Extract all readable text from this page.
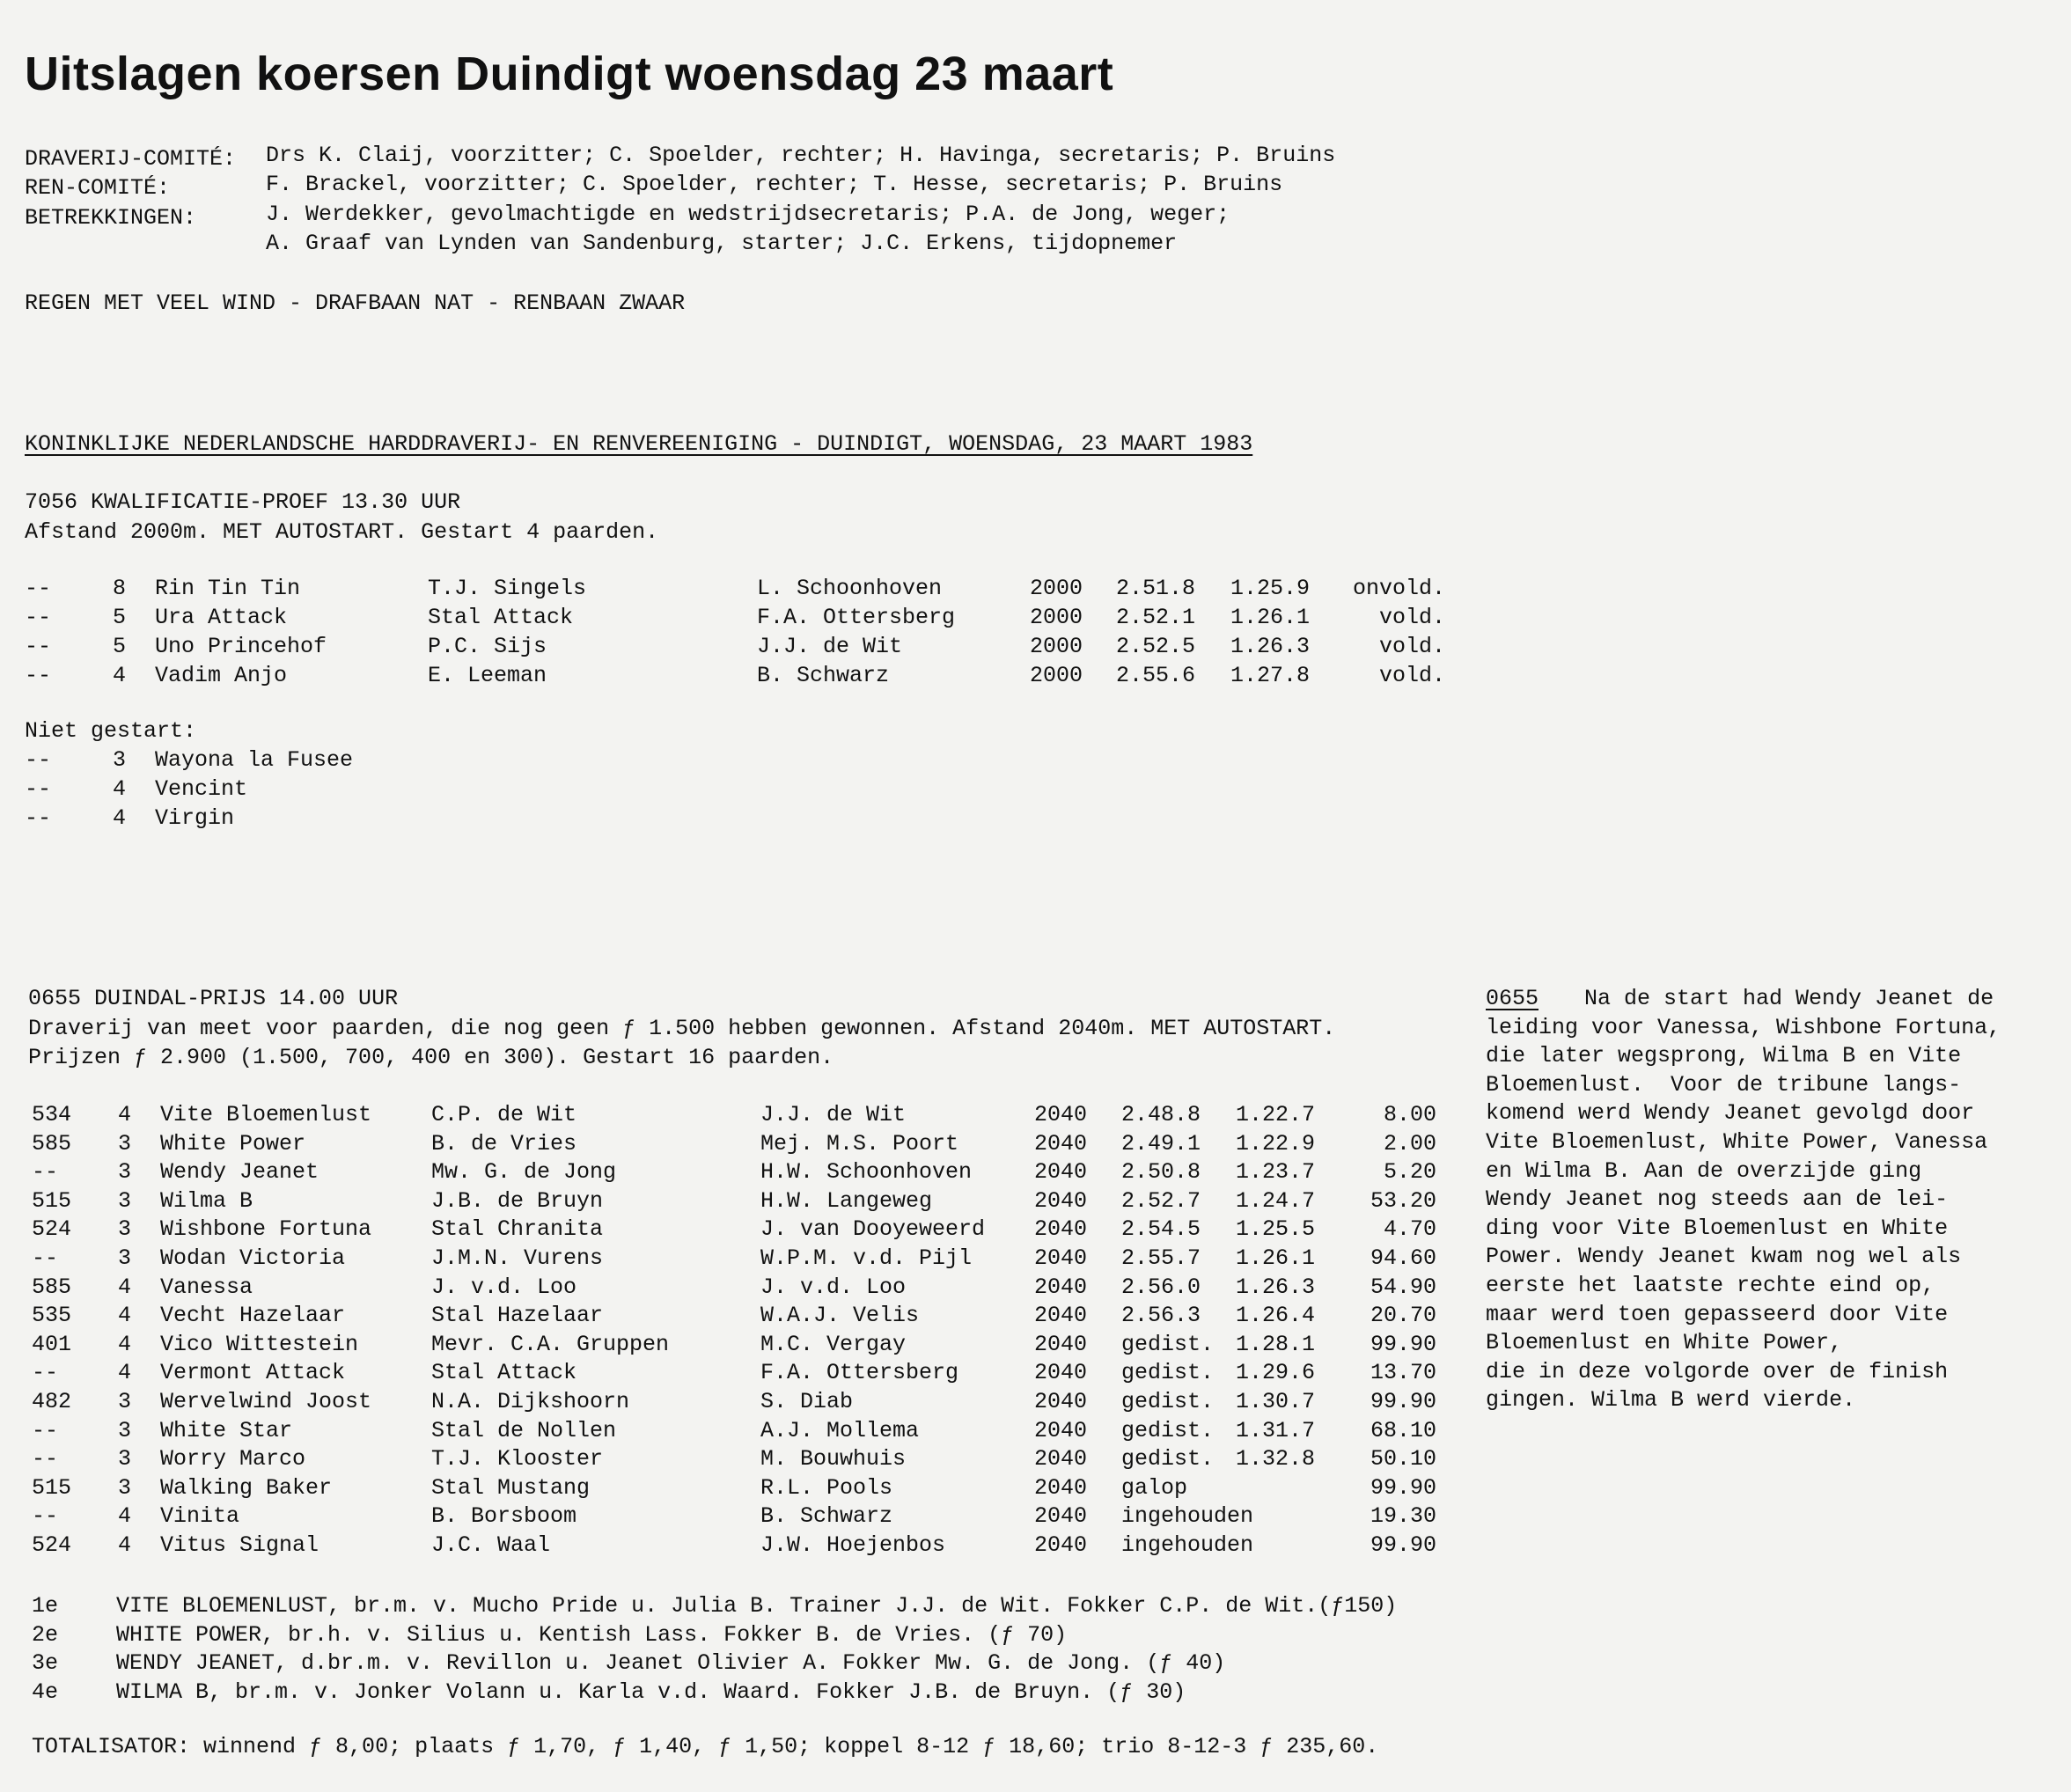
Uitslagen koersen Duindigt woensdag 23 maart
DRAVERIJ-COMITÉ: Drs K. Claij, voorzitter; C. Spoelder, rechter; H. Havinga, secretaris; P. Bruins
REN-COMITÉ:	F. Brackel, voorzitter; C. Spoelder, rechter; T. Hesse, secretaris; P. Bruins
BETREKKINGEN:	J. Werdekker, gevolmachtigde en wedstrijdsecretaris; P.A. de Jong, weger;
A. Graaf van Lynden van Sandenburg, starter; J.C. Erkens, tijdopnemer
REGEN MET VEEL WIND - DRAFBAAN NAT - RENBAAN ZWAAR
KONINKLIJKE NEDERLANDSCHE HARDDRAVERIJ- EN RENVEREENIGING - DUINDIGT, WOENSDAG, 23 MAART 1983
7056 KWALIFICATIE-PROEF 13.30 UUR
Afstand 2000m. MET AUTOSTART. Gestart 4 paarden.
--	8 Rin Tin Tin	T.J. Singels	L. Schoonhoven	2000 2.51.8 1.25.9 onvold.
--	5 Ura Attack	Stal Attack	F.A. Ottersberg	2000 2.52.1 1.26.1	vold.
--	5 Uno Princehof	P.C. Sijs	J.J. de Wit	2000 2.52.5 1.26.3	vold.
--	4 Vadim Anjo	E. Leeman	B. Schwarz	2000 2.55.6 1.27.8	vold.
Niet gestart:
--	3 Wayona la Fusee
--	4 Vencint
--	4 Virgin
0655 DUINDAL-PRIJS 14.00 UUR
Draverij van meet voor paarden, die nog geen ƒ 1.500 hebben gewonnen. Afstand 2040m. MET AUTOSTART.
Prijzen ƒ 2.900 (1.500, 700, 400 en 300). Gestart 16 paarden.
534 4 Vite Bloemenlust	C.P. de Wit	J.J. de Wit	2040 2.48.8 1.22.7	8.00
585 3 White Power	B. de Vries	Mej. M.S. Poort	2040 2.49.1 1.22.9	2.00
--	3 Wendy Jeanet	Mw. G. de Jong	H.W. Schoonhoven	2040 2.50.8 1.23.7	5.20
515 3 Wilma B	J.B. de Bruyn	H.W. Langeweg	2040 2.52.7 1.24.7	53.20
524 3 Wishbone Fortuna	Stal Chranita	J. van Dooyeweerd 2040 2.54.5 1.25.5	4.70
--	3 Wodan Victoria	J.M.N. Vurens	W.P.M. v.d. Pijl	2040 2.55.7 1.26.1	94.60
585 4 Vanessa	J. v.d. Loo	J. v.d. Loo	2040 2.56.0 1.26.3	54.90
535 4 Vecht Hazelaar	Stal Hazelaar	W.A.J. Velis	2040 2.56.3 1.26.4	20.70
401 4 Vico Wittestein	Mevr. C.A. Gruppen	M.C. Vergay	2040 gedist. 1.28.1	99.90
--	4 Vermont Attack	Stal Attack	F.A. Ottersberg	2040 gedist. 1.29.6	13.70
482 3 Wervelwind Joost	N.A. Dijkshoorn	S. Diab	2040 gedist. 1.30.7	99.90
--	3 White Star	Stal de Nollen	A.J. Mollema	2040 gedist. 1.31.7	68.10
--	3 Worry Marco	T.J. Klooster	M. Bouwhuis	2040 gedist. 1.32.8	50.10
515 3 Walking Baker	Stal Mustang	R.L. Pools	2040 galop	99.90
--	4 Vinita	B. Borsboom	B. Schwarz	2040 ingehouden	19.30
524 4 Vitus Signal	J.C. Waal	J.W. Hoejenbos	2040 ingehouden	99.90
1e	VITE BLOEMENLUST, br.m. v. Mucho Pride u. Julia B. Trainer J.J. de Wit. Fokker C.P. de Wit.(ƒ150)
2e	WHITE POWER, br.h. v. Silius u. Kentish Lass. Fokker B. de Vries. (ƒ 70)
3e	WENDY JEANET, d.br.m. v. Revillon u. Jeanet Olivier A. Fokker Mw. G. de Jong. (ƒ 40)
4e	WILMA B, br.m. v. Jonker Volann u. Karla v.d. Waard. Fokker J.B. de Bruyn. (ƒ 30)
TOTALISATOR: winnend ƒ 8,00; plaats ƒ 1,70, ƒ 1,40, ƒ 1,50; koppel 8-12 ƒ 18,60; trio 8-12-3 ƒ 235,60.
0655 Na de start had Wendy Jeanet de
leiding voor Vanessa, Wishbone Fortuna,
die later wegsprong, Wilma B en Vite
Bloemenlust.  Voor de tribune langs-
komend werd Wendy Jeanet gevolgd door
Vite Bloemenlust, White Power, Vanessa
en Wilma B. Aan de overzijde ging
Wendy Jeanet nog steeds aan de lei-
ding voor Vite Bloemenlust en White
Power. Wendy Jeanet kwam nog wel als
eerste het laatste rechte eind op,
maar werd toen gepasseerd door Vite
Bloemenlust en White Power,
die in deze volgorde over de finish
gingen. Wilma B werd vierde.
